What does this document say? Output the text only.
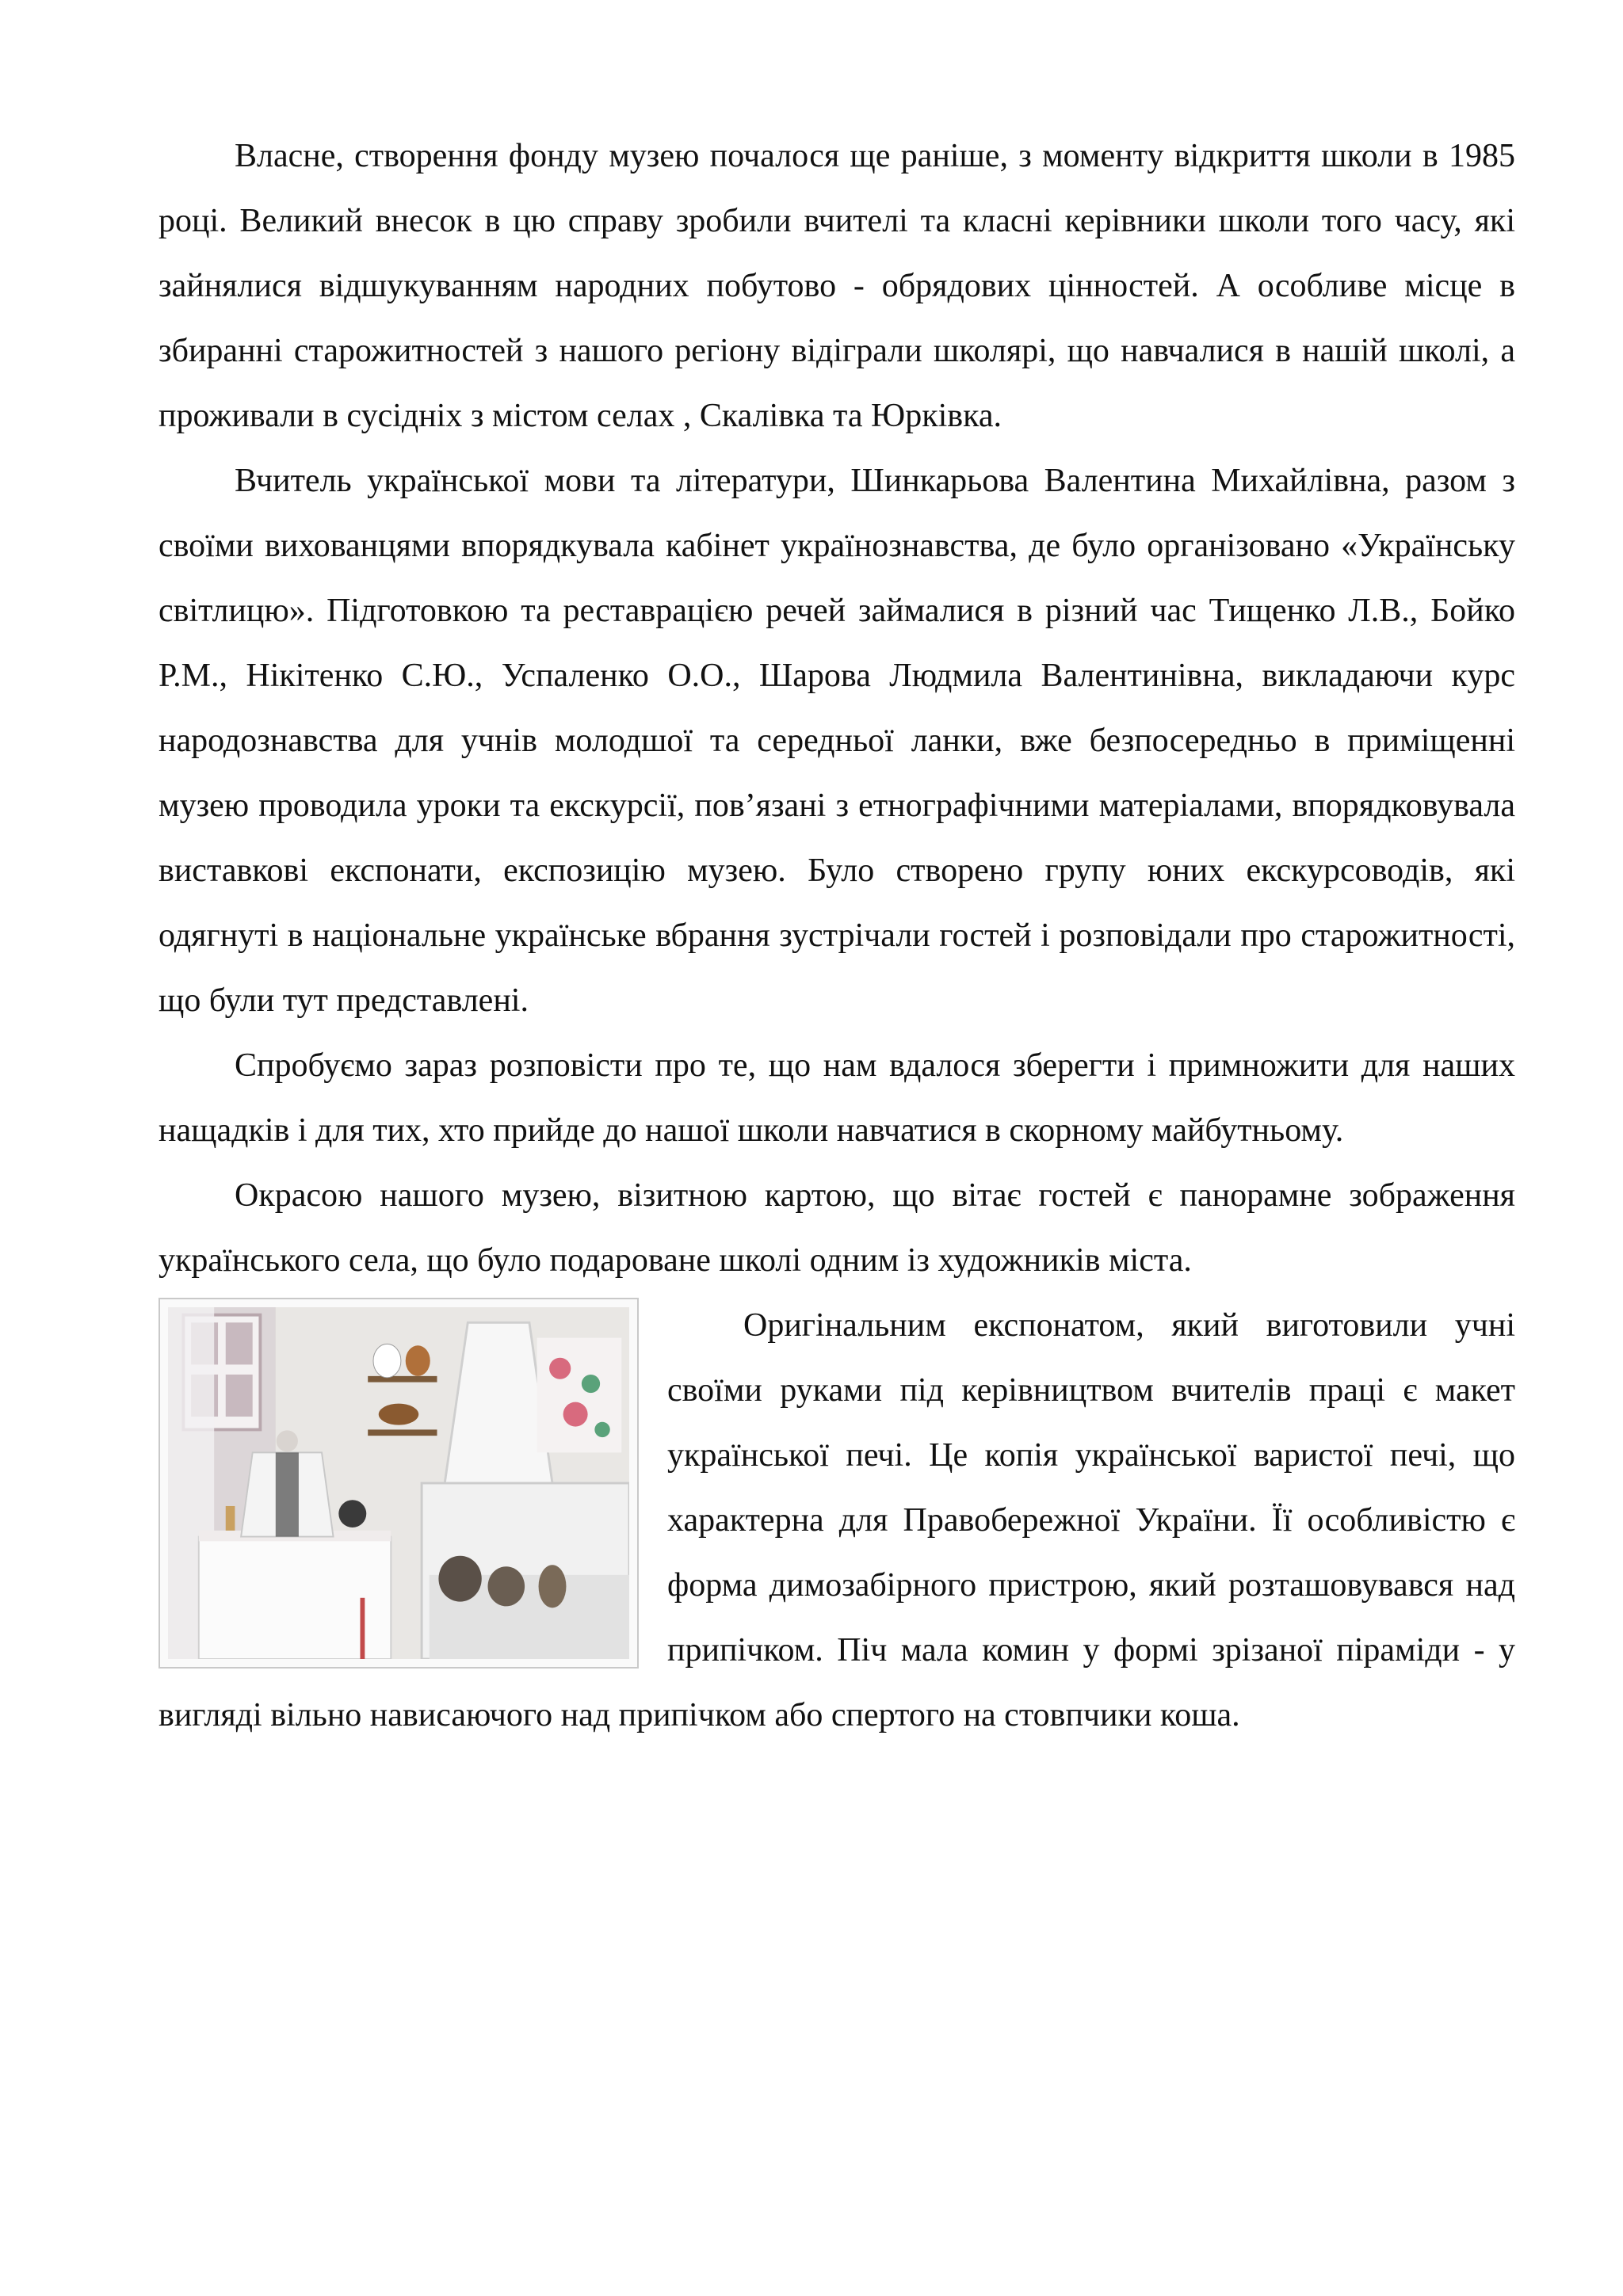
Власне, створення фонду музею почалося ще раніше, з моменту відкриття школи в 1985 році. Великий внесок в цю справу зробили вчителі та класні керівники школи того часу, які зайнялися відшукуванням народних побутово - обрядових цінностей. А особливе місце в збиранні старожитностей з нашого регіону відіграли школярі, що навчалися в нашій школі, а проживали в сусідніх з містом селах , Скалівка та Юрківка.

Вчитель української мови та літератури, Шинкарьова Валентина Михайлівна, разом з своїми вихованцями впорядкувала кабінет українознавства, де було організовано «Українську світлицю». Підготовкою та реставрацією речей займалися в різний час Тищенко Л.В., Бойко Р.М., Нікітенко С.Ю., Успаленко О.О., Шарова Людмила Валентинівна, викладаючи курс народознавства для учнів молодшої та середньої ланки, вже безпосередньо в приміщенні музею проводила уроки та екскурсії, пов’язані з етнографічними матеріалами, впорядковувала виставкові експонати, експозицію музею. Було створено групу юних екскурсоводів, які одягнуті в національне українське вбрання зустрічали гостей і розповідали про старожитності, що були тут представлені.

Спробуємо зараз розповісти про те, що нам вдалося зберегти і примножити для наших нащадків і для тих, хто прийде до нашої школи навчатися в скорному майбутньому.

Окрасою нашого музею, візитною картою, що вітає гостей є панорамне зображення українського села, що було подароване школі одним із художників міста.

Оригінальним експонатом, який виготовили учні своїми руками під керівництвом вчителів праці є макет української печі. Це копія української варистої печі, що характерна для Правобережної України. Її особливістю є форма димозабірного пристрою, який розташовувався над припічком. Піч мала комин у формі зрізаної піраміди - у вигляді вільно нависаючого над припічком або спертого на стовпчики коша.
